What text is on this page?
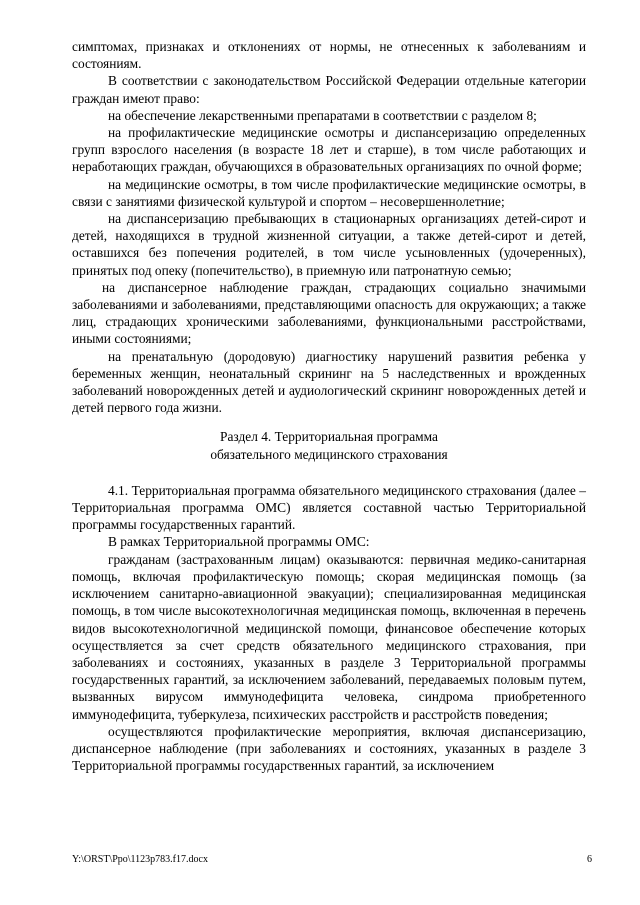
симптомах, признаках и отклонениях от нормы, не отнесенных к заболеваниям и состояниям.

В соответствии с законодательством Российской Федерации отдельные категории граждан имеют право:

на обеспечение лекарственными препаратами в соответствии с разделом 8;

на профилактические медицинские осмотры и диспансеризацию определенных групп взрослого населения (в возрасте 18 лет и старше), в том числе работающих и неработающих граждан, обучающихся в образовательных организациях по очной форме;

на медицинские осмотры, в том числе профилактические медицинские осмотры, в связи с занятиями физической культурой и спортом – несовершеннолетние;

на диспансеризацию пребывающих в стационарных организациях детей-сирот и детей, находящихся в трудной жизненной ситуации, а также детей-сирот и детей, оставшихся без попечения родителей, в том числе усыновленных (удочеренных), принятых под опеку (попечительство), в приемную или патронатную семью;

на диспансерное наблюдение граждан, страдающих социально значимыми заболеваниями и заболеваниями, представляющими опасность для окружающих; а также лиц, страдающих хроническими заболеваниями, функциональными расстройствами, иными состояниями;

на пренатальную (дородовую) диагностику нарушений развития ребенка у беременных женщин, неонатальный скрининг на 5 наследственных и врожденных заболеваний новорожденных детей и аудиологический скрининг новорожденных детей и детей первого года жизни.

Раздел 4. Территориальная программа
обязательного медицинского страхования

4.1. Территориальная программа обязательного медицинского страхования (далее – Территориальная программа ОМС) является составной частью Территориальной программы государственных гарантий.

В рамках Территориальной программы ОМС:

гражданам (застрахованным лицам) оказываются: первичная медико-санитарная помощь, включая профилактическую помощь; скорая медицинская помощь (за исключением санитарно-авиационной эвакуации); специализированная медицинская помощь, в том числе высокотехнологичная медицинская помощь, включенная в перечень видов высокотехнологичной медицинской помощи, финансовое обеспечение которых осуществляется за счет средств обязательного медицинского страхования, при заболеваниях и состояниях, указанных в разделе 3 Территориальной программы государственных гарантий, за исключением заболеваний, передаваемых половым путем, вызванных вирусом иммунодефицита человека, синдрома приобретенного иммунодефицита, туберкулеза, психических расстройств и расстройств поведения;

осуществляются профилактические мероприятия, включая диспансеризацию, диспансерное наблюдение (при заболеваниях и состояниях, указанных в разделе 3 Территориальной программы государственных гарантий, за исключением

Y:\ORST\Ppo\1123p783.f17.docx	6
